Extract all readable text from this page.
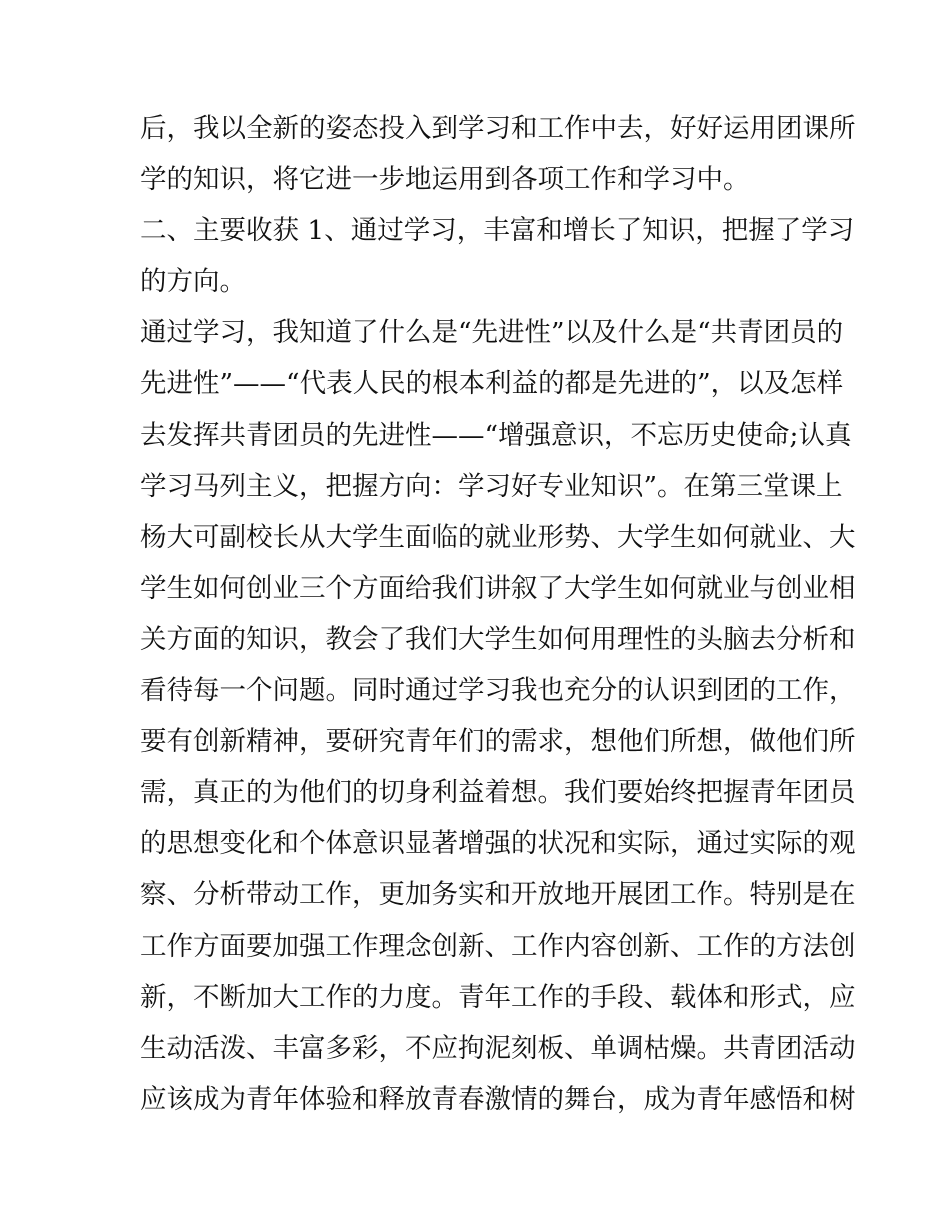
后，我以全新的姿态投入到学习和工作中去，好好运用团课所
学的知识，将它进一步地运用到各项工作和学习中。
二、主要收获 1、通过学习，丰富和增长了知识，把握了学习
的方向。
通过学习，我知道了什么是“先进性”以及什么是“共青团员的
先进性”——“代表人民的根本利益的都是先进的”，以及怎样
去发挥共青团员的先进性——“增强意识，不忘历史使命;认真
学习马列主义，把握方向：学习好专业知识”。在第三堂课上
杨大可副校长从大学生面临的就业形势、大学生如何就业、大
学生如何创业三个方面给我们讲叙了大学生如何就业与创业相
关方面的知识，教会了我们大学生如何用理性的头脑去分析和
看待每一个问题。同时通过学习我也充分的认识到团的工作，
要有创新精神，要研究青年们的需求，想他们所想，做他们所
需，真正的为他们的切身利益着想。我们要始终把握青年团员
的思想变化和个体意识显著增强的状况和实际，通过实际的观
察、分析带动工作，更加务实和开放地开展团工作。特别是在
工作方面要加强工作理念创新、工作内容创新、工作的方法创
新，不断加大工作的力度。青年工作的手段、载体和形式，应
生动活泼、丰富多彩，不应拘泥刻板、单调枯燥。共青团活动
应该成为青年体验和释放青春激情的舞台，成为青年感悟和树
